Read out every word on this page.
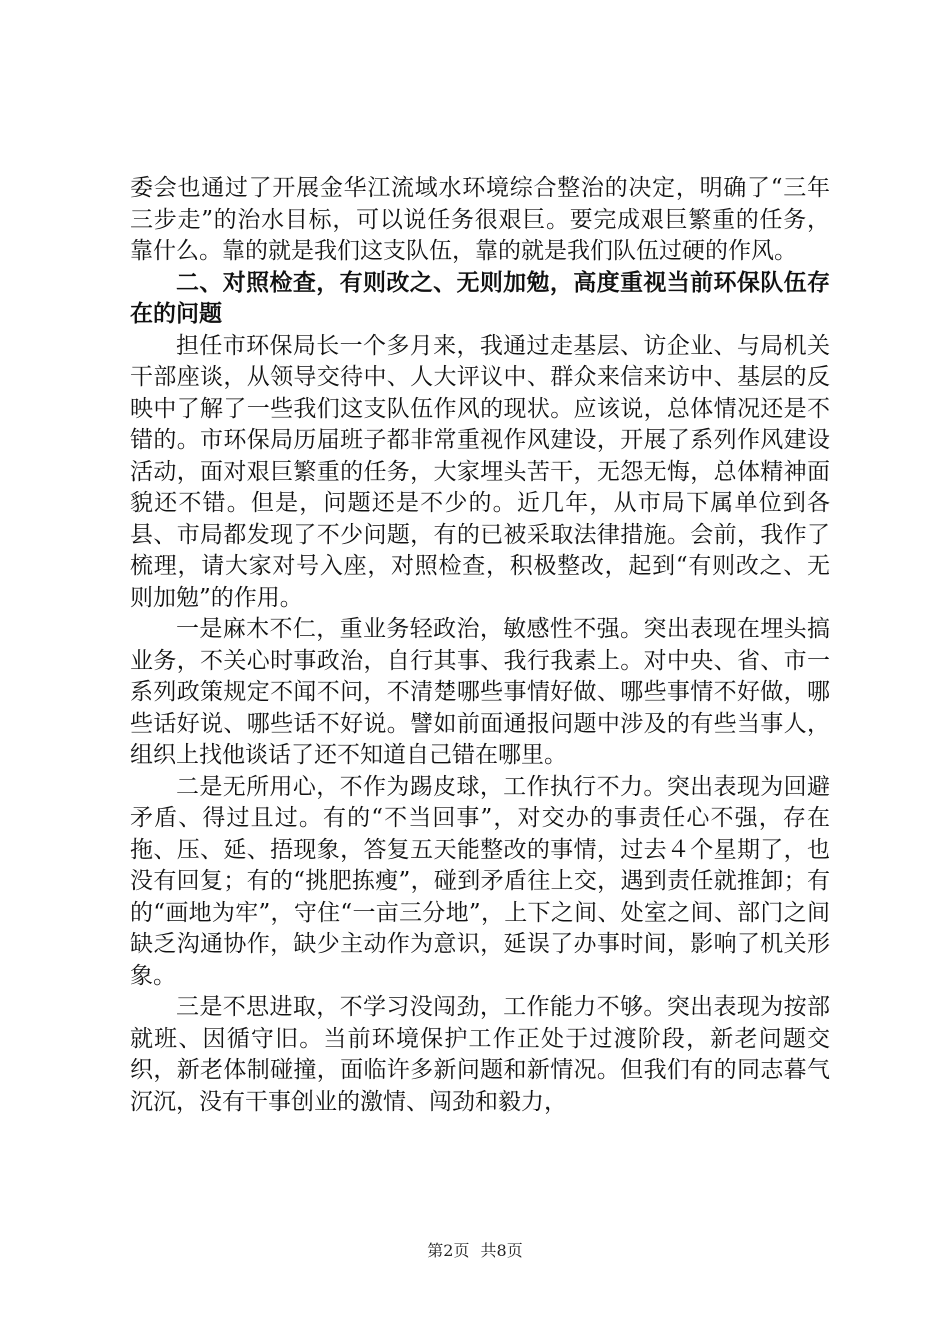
委会也通过了开展金华江流域水环境综合整治的决定，明确了“三年三步走”的治水目标，可以说任务很艰巨。要完成艰巨繁重的任务，靠什么。靠的就是我们这支队伍，靠的就是我们队伍过硬的作风。

二、对照检查，有则改之、无则加勉，高度重视当前环保队伍存在的问题

担任市环保局长一个多月来，我通过走基层、访企业、与局机关干部座谈，从领导交待中、人大评议中、群众来信来访中、基层的反映中了解了一些我们这支队伍作风的现状。应该说，总体情况还是不错的。市环保局历届班子都非常重视作风建设，开展了系列作风建设活动，面对艰巨繁重的任务，大家埋头苦干，无怨无悔，总体精神面貌还不错。但是，问题还是不少的。近几年，从市局下属单位到各县、市局都发现了不少问题，有的已被采取法律措施。会前，我作了梳理，请大家对号入座，对照检查，积极整改，起到“有则改之、无则加勉”的作用。

一是麻木不仁，重业务轻政治，敏感性不强。突出表现在埋头搞业务，不关心时事政治，自行其事、我行我素上。对中央、省、市一系列政策规定不闻不问，不清楚哪些事情好做、哪些事情不好做，哪些话好说、哪些话不好说。譬如前面通报问题中涉及的有些当事人，组织上找他谈话了还不知道自己错在哪里。

二是无所用心，不作为踢皮球，工作执行不力。突出表现为回避矛盾、得过且过。有的“不当回事”，对交办的事责任心不强，存在拖、压、延、捂现象，答复五天能整改的事情，过去４个星期了，也没有回复；有的“挑肥拣瘦”，碰到矛盾往上交，遇到责任就推卸；有的“画地为牢”，守住“一亩三分地”，上下之间、处室之间、部门之间缺乏沟通协作，缺少主动作为意识，延误了办事时间，影响了机关形象。

三是不思进取，不学习没闯劲，工作能力不够。突出表现为按部就班、因循守旧。当前环境保护工作正处于过渡阶段，新老问题交织，新老体制碰撞，面临许多新问题和新情况。但我们有的同志暮气沉沉，没有干事创业的激情、闯劲和毅力，

第2页 共8页
